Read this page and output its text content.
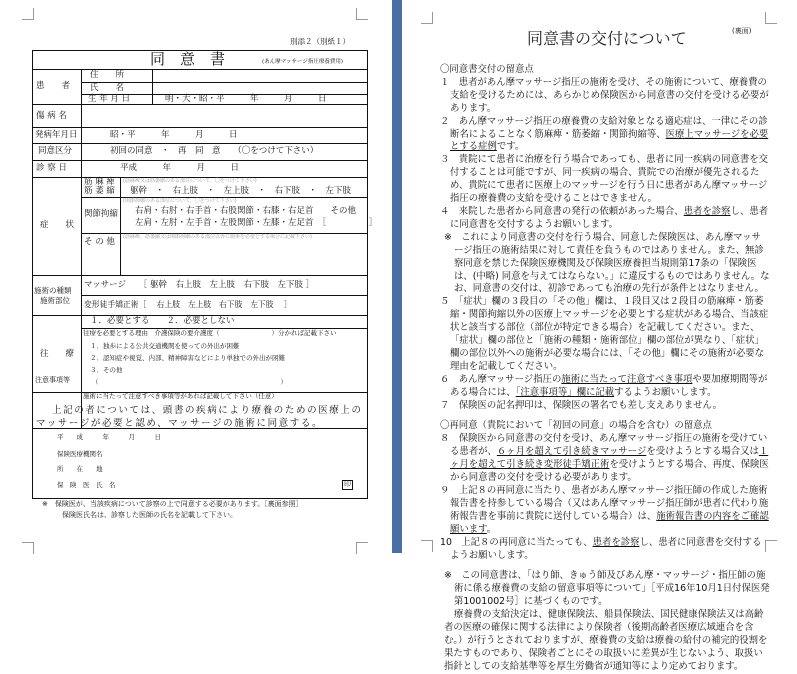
別添２（別紙１）
同　意　書	(あん摩マッサージ指圧療養費用)
患　　者
住　　所
氏　　名
生 年 月 日	明・大・昭・平　　　年　　　月　　　日
傷 病 名
発病年月日	昭・平　　　年　　　月　　　日
同意区分	初回の同意　・　再　同　意　　（〇をつけて下さい）
診 察 日	平成　　　年　　　月　　　日
症　　状
筋 麻 痺
筋 萎 縮
(筋麻痺又は筋萎縮のある部位について、〇をつけて下さい)
躯幹　・　右上肢　・　左上肢　・　右下肢　・　左下肢
関節拘縮
(関節拘縮のある部位について、〇をつけて下さい)
右肩・右肘・右手首・右股関節・右膝・右足首　　その他
左肩・左肘・左手首・左股関節・左膝・左足首　［　　　　　］
そ の 他 (筋麻痺、筋萎縮又は関節拘縮のある部位以外に施術を必要とする場合に記載下さい)
施術の種類
施術部位
マッサージ　　［ 躯幹　右上肢　左上肢　右下肢　左下肢 ］
変形徒手矯正術［　 右上肢　左上肢　右下肢　左下肢　 ］
往　　療
１．必要とする　　２．必要としない
往療を必要とする理由　介護保険の要介護度（　　　　　　　　）分かれば記載下さい
１．独歩による公共交通機関を使っての外出が困難
２．認知症や視覚、内部、精神障害などにより単独での外出が困難
３．その他
（　　　　　　　　　　　　　　　　　　　　　　　　　　　　）
注意事項等
施術に当たって注意すべき事項等があれば記載して下さい（任意）
上記の者については、頭書の疾病により療養のための医療上の
マッサージが必要と認め、マッサージの施術に同意する。
平　　成　　　年　　　月　　　日
保険医療機関名
所　　在　　地
保　険　医　氏　名	印
※　保険医が、当該疾病について診察の上で同意する必要があります。［裏面参照］
保険医氏名は、診察した医師の氏名を記載して下さい。
(裏面)
同意書の交付について

〇同意書交付の留意点

１　患者があん摩マッサージ指圧の施術を受け、その施術について、療養費の支給を受けるためには、あらかじめ保険医から同意書の交付を受ける必要があります。

２　あん摩マッサージ指圧の療養費の支給対象となる適応症は、一律にその診断名によることなく筋麻痺・筋萎縮・関節拘縮等、医療上マッサージを必要とする症例です。

３　貴院にて患者に治療を行う場合であっても、患者に同一疾病の同意書を交付することは可能ですが、同一疾病の場合、貴院での治療が優先されるため、貴院にて患者に医療上のマッサージを行う日に患者があん摩マッサージ指圧の療養費の支給を受けることはできません。

４　来院した患者から同意書の発行の依頼があった場合、患者を診察し、患者に同意書を交付するようお願いします。

※　これにより同意書の交付を行う場合、同意した保険医は、あん摩マッサージ指圧の施術結果に対して責任を負うものではありません。また、無診察同意を禁じた保険医療機関及び保険医療養担当規則第17条の「保険医は、(中略) 同意を与えてはならない。」に違反するものではありません。なお、同意書の交付は、初診であっても治療の先行が条件とはなりません。

５　「症状」欄の３段目の「その他」欄は、１段目又は２段目の筋麻痺・筋萎縮・関節拘縮以外の医療上マッサージを必要とする症状がある場合、当該症状と該当する部位（部位が特定できる場合）を記載してください。また、「症状」欄の部位と「施術の種類・施術部位」欄の部位が異なり、「症状」欄の部位以外への施術が必要な場合には、「その他」欄にその施術が必要な理由を記載してください。

６　あん摩マッサージ指圧の施術に当たって注意すべき事項や要加療期間等がある場合には、「注意事項等」欄に記載するようお願いします。

７　保険医の記名押印は、保険医の署名でも差し支えありません。

〇再同意（貴院において「初回の同意」の場合を含む）の留意点

８　保険医から同意書の交付を受け、あん摩マッサージ指圧の施術を受けている患者が、６ヶ月を超えて引き続きマッサージを受けようとする場合又は１ヶ月を超えて引き続き変形徒手矯正術を受けようとする場合、再度、保険医から同意書の交付を受ける必要があります。

９　上記８の再同意に当たり、患者があん摩マッサージ指圧師の作成した施術報告書を持参している場合（又はあん摩マッサージ指圧師が患者に代わり施術報告書を事前に貴院に送付している場合）は、施術報告書の内容をご確認願います。

10　上記８の再同意に当たっても、患者を診察し、患者に同意書を交付するようお願いします。

※　この同意書は、「はり師、きゅう師及びあん摩・マッサージ・指圧師の施術に係る療養費の支給の留意事項等について」［平成16年10月1日付保医発第1001002号］に基づくものです。

療養費の支給決定は、健康保険法、船員保険法、国民健康保険法又は高齢者の医療の確保に関する法律により保険者（後期高齢者医療広域連合を含む。）が行うとされておりますが、療養費の支給は療養の給付の補完的役割を果たすものであり、保険者ごとにその取扱いに差異が生じないよう、取扱い指針としての支給基準等を厚生労働省が通知等により定めております。
